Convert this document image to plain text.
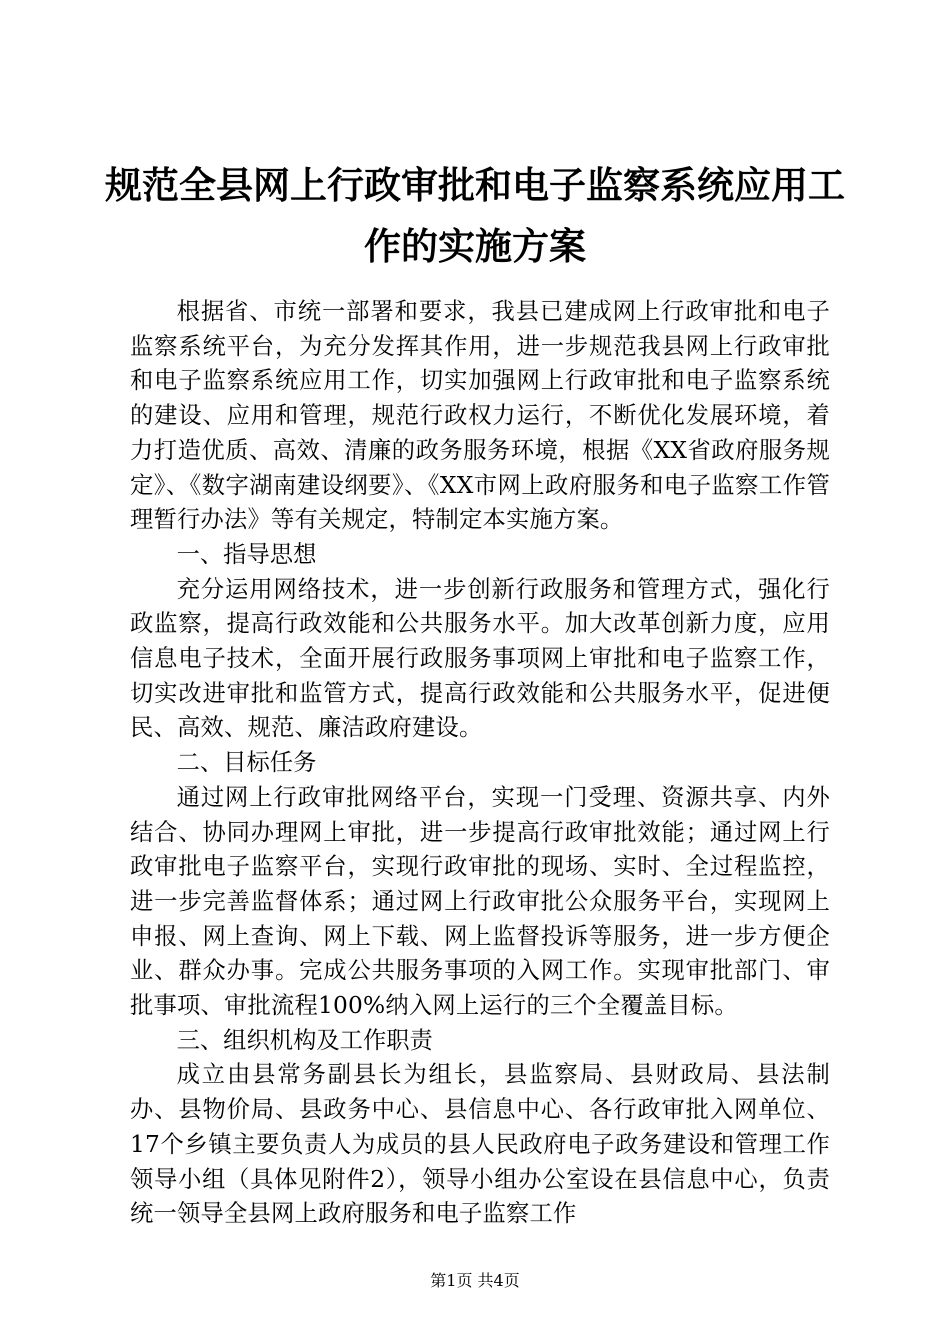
规范全县网上行政审批和电子监察系统应用工
作的实施方案

根据省、市统一部署和要求，我县已建成网上行政审批和电子监察系统平台，为充分发挥其作用，进一步规范我县网上行政审批和电子监察系统应用工作，切实加强网上行政审批和电子监察系统的建设、应用和管理，规范行政权力运行，不断优化发展环境，着力打造优质、高效、清廉的政务服务环境，根据《XX省政府服务规定》、《数字湖南建设纲要》、《XX市网上政府服务和电子监察工作管理暂行办法》等有关规定，特制定本实施方案。

一、指导思想

充分运用网络技术，进一步创新行政服务和管理方式，强化行政监察，提高行政效能和公共服务水平。加大改革创新力度，应用信息电子技术，全面开展行政服务事项网上审批和电子监察工作，切实改进审批和监管方式，提高行政效能和公共服务水平，促进便民、高效、规范、廉洁政府建设。

二、目标任务

通过网上行政审批网络平台，实现一门受理、资源共享、内外结合、协同办理网上审批，进一步提高行政审批效能；通过网上行政审批电子监察平台，实现行政审批的现场、实时、全过程监控，进一步完善监督体系；通过网上行政审批公众服务平台，实现网上申报、网上查询、网上下载、网上监督投诉等服务，进一步方便企业、群众办事。完成公共服务事项的入网工作。实现审批部门、审批事项、审批流程100%纳入网上运行的三个全覆盖目标。

三、组织机构及工作职责

成立由县常务副县长为组长，县监察局、县财政局、县法制办、县物价局、县政务中心、县信息中心、各行政审批入网单位、17个乡镇主要负责人为成员的县人民政府电子政务建设和管理工作领导小组（具体见附件2），领导小组办公室设在县信息中心，负责统一领导全县网上政府服务和电子监察工作

第1页 共4页
